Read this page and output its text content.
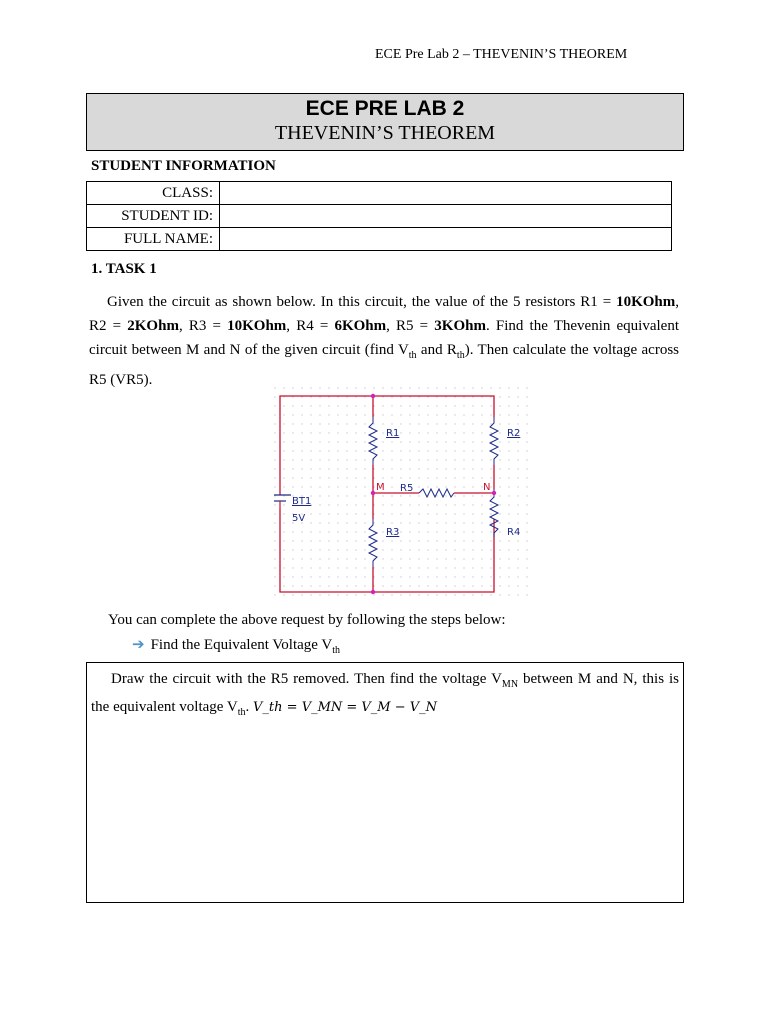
ECE Pre Lab 2 – THEVENIN’S THEOREM
ECE PRE LAB 2
THEVENIN’S THEOREM
STUDENT INFORMATION
CLASS:	
STUDENT ID:	
FULL NAME:	
1. TASK 1
Given the circuit as shown below. In this circuit, the value of the 5 resistors R1 = 10KOhm, R2 = 2KOhm, R3 = 10KOhm, R4 = 6KOhm, R5 = 3KOhm. Find the Thevenin equivalent circuit between M and N of the given circuit (find $V_{th}$ and $R_{th}$). Then calculate the voltage across R5 (VR5).
R1	R2
R3	R4
R5
BT1
5V
M	N
You can complete the above request by following the steps below:
➔ Find the Equivalent Voltage $V_{th}$
Draw the circuit with the R5 removed. Then find the voltage $V_{MN}$ between M and N, this is the equivalent voltage $V_{th}$. V_th = V_MN = V_M − V_N
